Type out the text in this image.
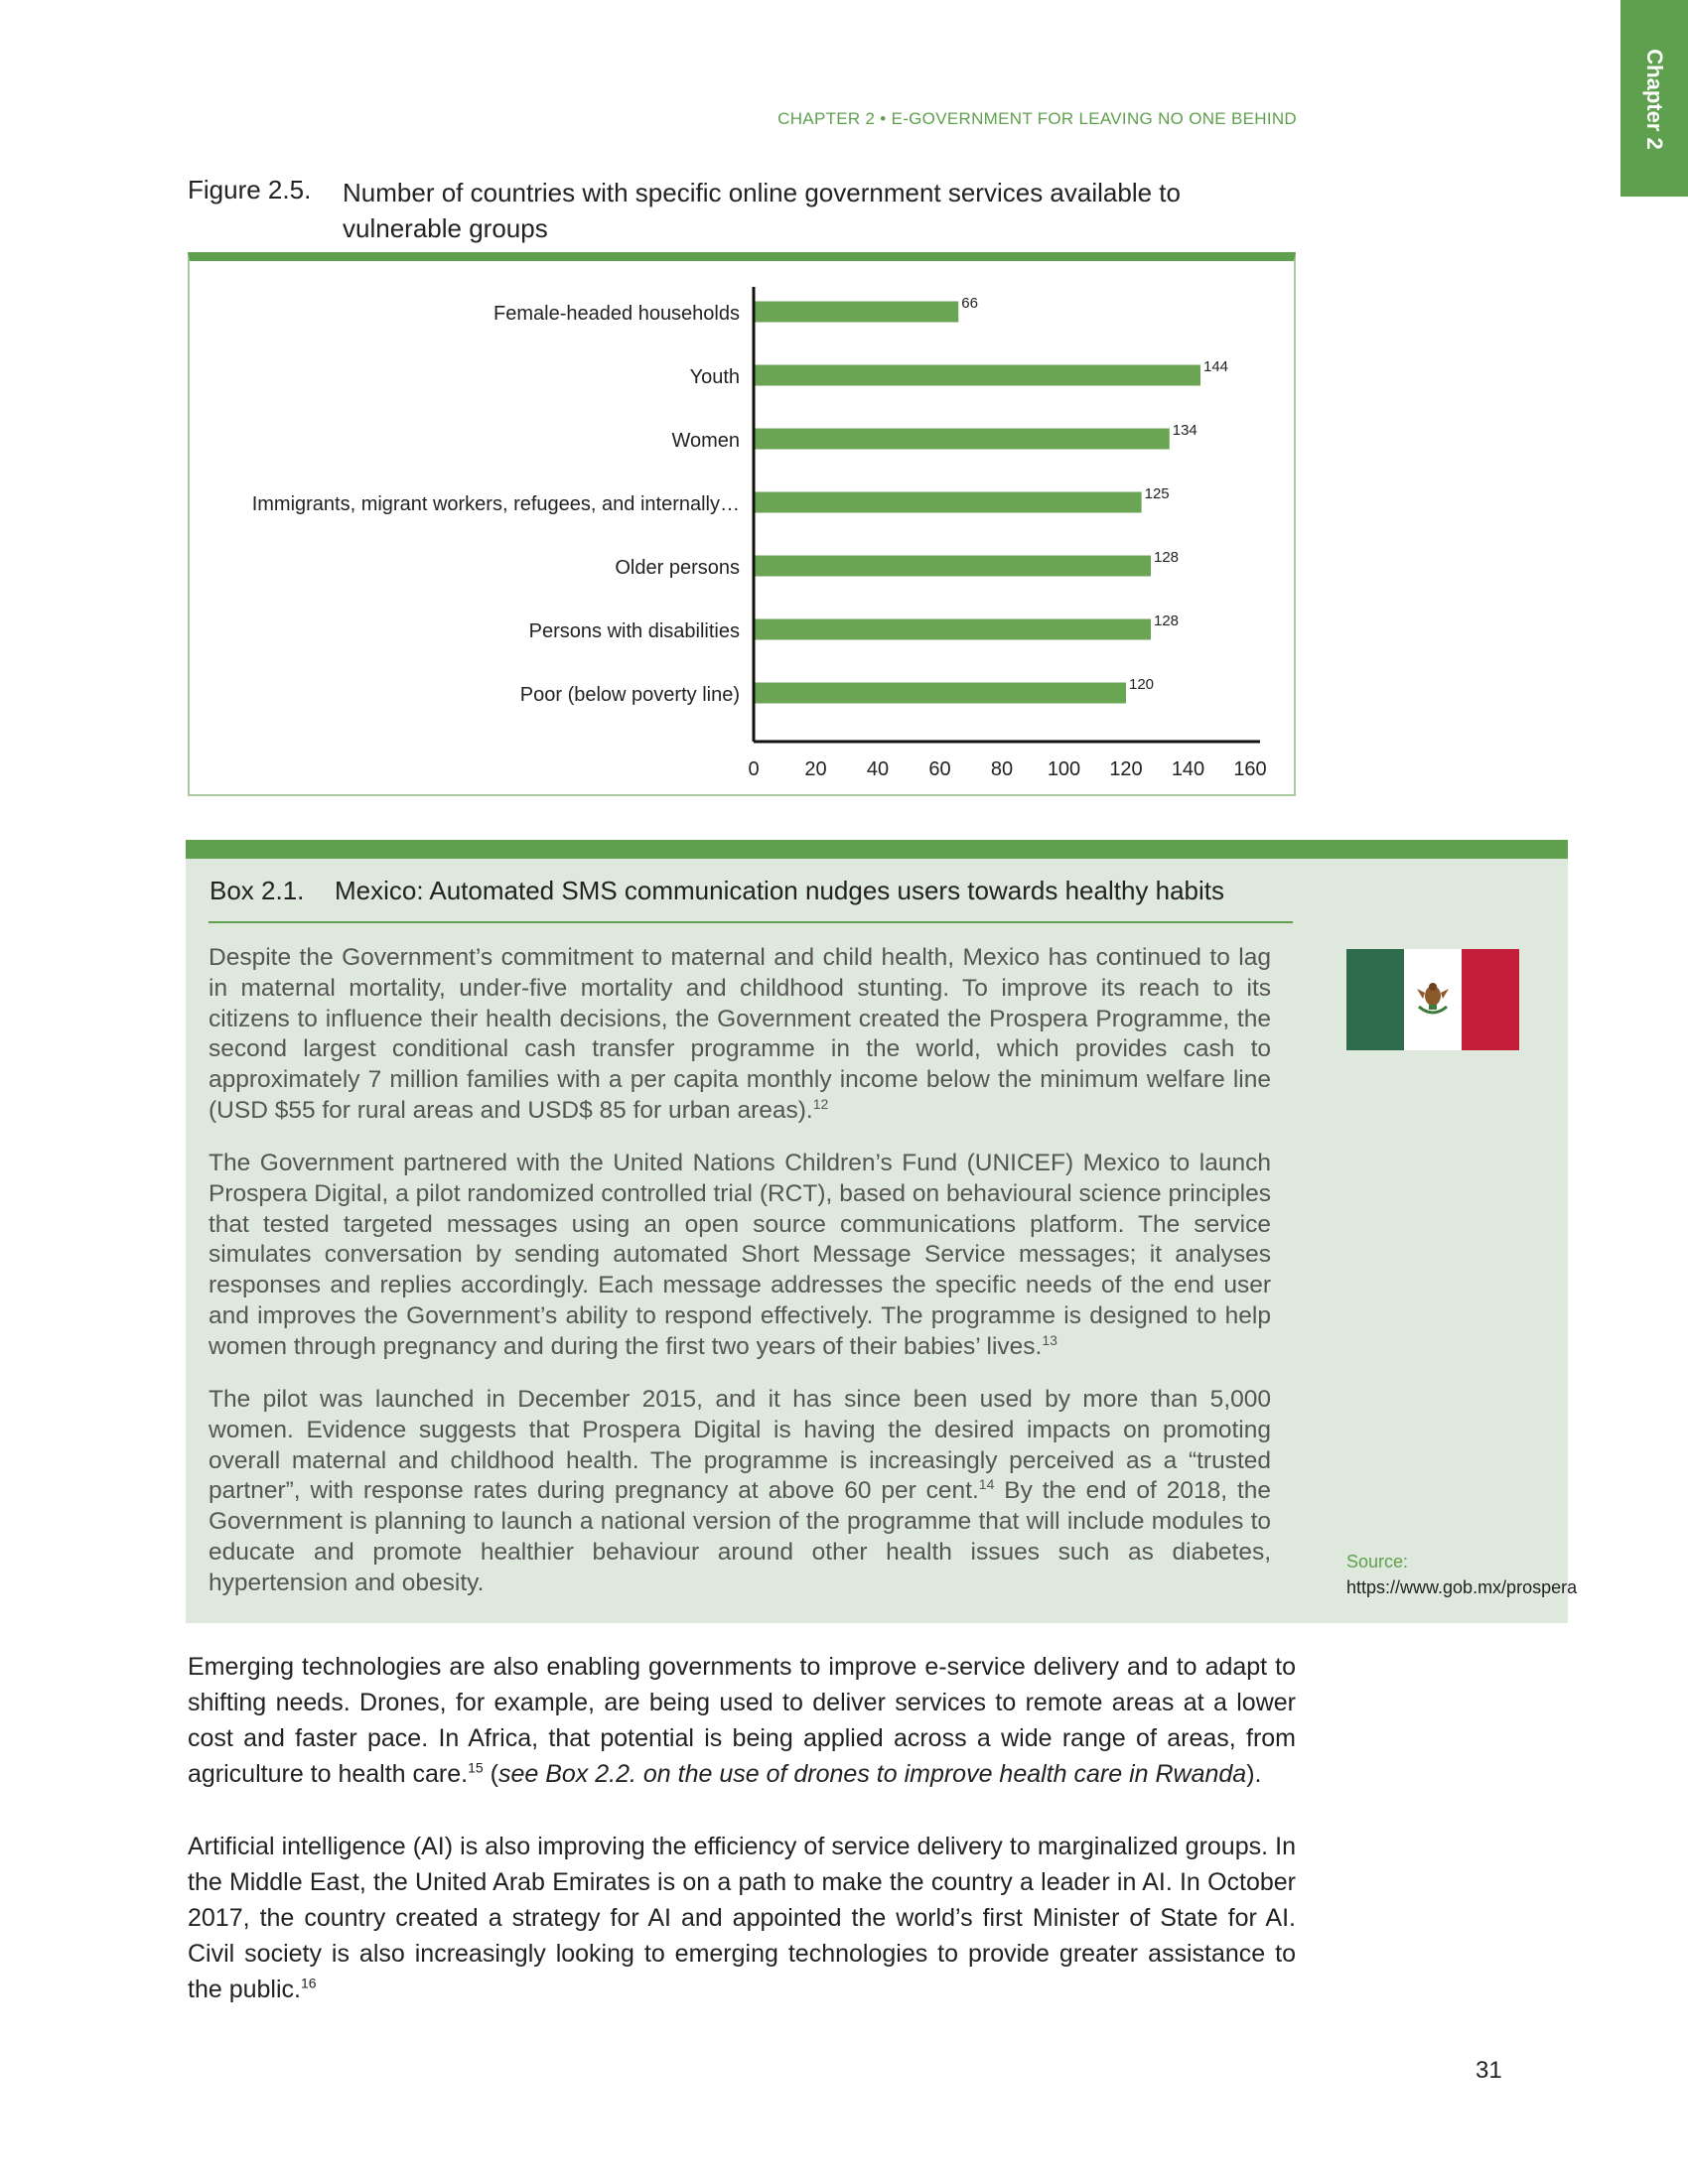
Chapter 2
CHAPTER 2 • E-GOVERNMENT FOR LEAVING NO ONE BEHIND
Figure 2.5. Number of countries with specific online government services available to vulnerable groups
Female-headed households	66
Youth	144
Women	134
Immigrants, migrant workers, refugees, and internally…	125
Older persons	128
Persons with disabilities	128
Poor (below poverty line)	120
0 20 40 60 80 100 120 140 160
Box 2.1. Mexico: Automated SMS communication nudges users towards healthy habits

Despite the Government’s commitment to maternal and child health, Mexico has continued to lag in maternal mortality, under-five mortality and childhood stunting. To improve its reach to its citizens to influence their health decisions, the Government created the Prospera Programme, the second largest conditional cash transfer programme in the world, which provides cash to approximately 7 million families with a per capita monthly income below the minimum welfare line (USD $55 for rural areas and USD$ 85 for urban areas).$^{12}$

The Government partnered with the United Nations Children’s Fund (UNICEF) Mexico to launch Prospera Digital, a pilot randomized controlled trial (RCT), based on behavioural science principles that tested targeted messages using an open source communications platform. The service simulates conversation by sending automated Short Message Service messages; it analyses responses and replies accordingly. Each message addresses the specific needs of the end user and improves the Government’s ability to respond effectively. The programme is designed to help women through pregnancy and during the first two years of their babies’ lives.$^{13}$

The pilot was launched in December 2015, and it has since been used by more than 5,000 women. Evidence suggests that Prospera Digital is having the desired impacts on promoting overall maternal and childhood health. The programme is increasingly perceived as a “trusted partner”, with response rates during pregnancy at above 60 per cent.$^{14}$ By the end of 2018, the Government is planning to launch a national version of the programme that will include modules to educate and promote healthier behaviour around other health issues such as diabetes, hypertension and obesity.

Source: https://www.gob.mx/prospera

Emerging technologies are also enabling governments to improve e-service delivery and to adapt to shifting needs. Drones, for example, are being used to deliver services to remote areas at a lower cost and faster pace. In Africa, that potential is being applied across a wide range of areas, from agriculture to health care.$^{15}$ (see Box 2.2. on the use of drones to improve health care in Rwanda).

Artificial intelligence (AI) is also improving the efficiency of service delivery to marginalized groups. In the Middle East, the United Arab Emirates is on a path to make the country a leader in AI. In October 2017, the country created a strategy for AI and appointed the world’s first Minister of State for AI. Civil society is also increasingly looking to emerging technologies to provide greater assistance to the public.$^{16}$

31
